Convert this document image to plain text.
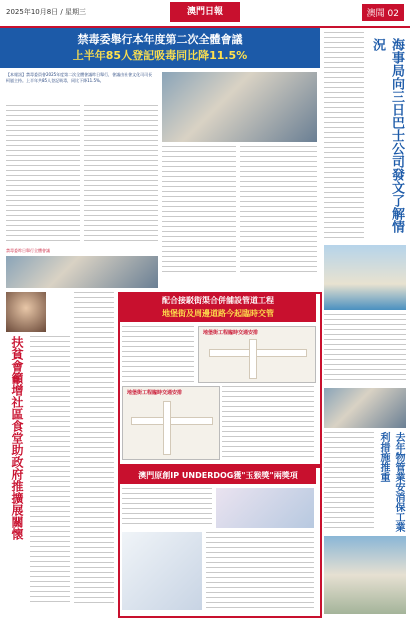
2025年10月8日 / 星期三	澳門日報	澳聞 02
禁毒委舉行本年度第二次全體會議
上半年85人登記吸毒同比降11.5%
【本報訊】禁毒委員會2025年度第二次全體會議昨日舉行，會議由社會文化司司長柯嵐主持。上半年共85人登記吸毒，同比下降11.5%。
禁毒委昨日舉行全體會議
海事局向三日巴士公司發文了解情況
扶貧會籲增社區食堂助政府推擴展關懷
配合接駁街渠合併舖設管道工程
地堡街及周邊道路今起臨時交管
地堡街工程臨時交通安排
地堡街工程臨時交通安排
去年物管業安消保工業利措施推重
澳門原創IP UNDERDOG獲"玉猴獎"兩獎項
